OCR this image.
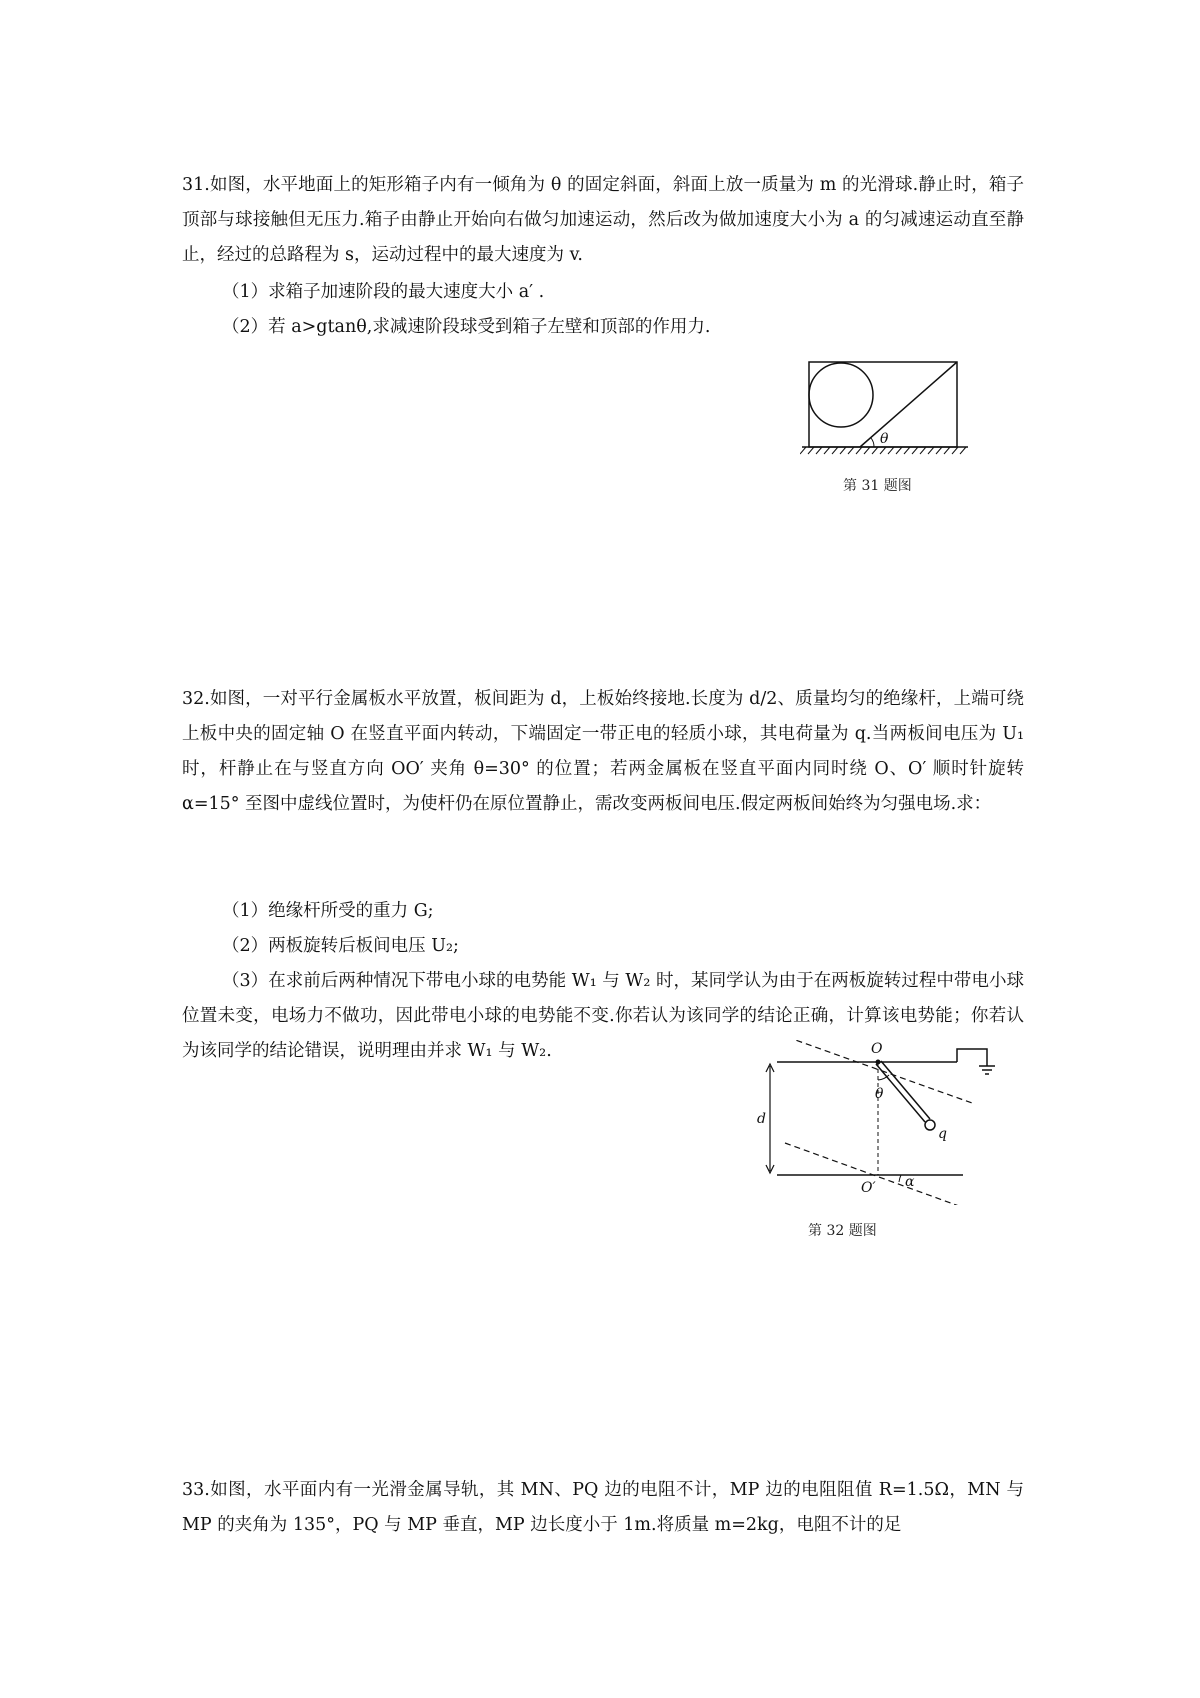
31.如图，水平地面上的矩形箱子内有一倾角为 θ 的固定斜面，斜面上放一质量为 m 的光滑球.静止时，箱子顶部与球接触但无压力.箱子由静止开始向右做匀加速运动，然后改为做加速度大小为 a 的匀减速运动直至静止，经过的总路程为 s，运动过程中的最大速度为 v.
（1）求箱子加速阶段的最大速度大小 a′ .
（2）若 a>gtanθ,求减速阶段球受到箱子左壁和顶部的作用力.
θ
第 31 题图
32.如图，一对平行金属板水平放置，板间距为 d，上板始终接地.长度为 d/2、质量均匀的绝缘杆，上端可绕上板中央的固定轴 O 在竖直平面内转动，下端固定一带正电的轻质小球，其电荷量为 q.当两板间电压为 U₁ 时，杆静止在与竖直方向 OO′ 夹角 θ=30° 的位置；若两金属板在竖直平面内同时绕 O、O′ 顺时针旋转 α=15° 至图中虚线位置时，为使杆仍在原位置静止，需改变两板间电压.假定两板间始终为匀强电场.求：
（1）绝缘杆所受的重力 G;
（2）两板旋转后板间电压 U₂;
（3）在求前后两种情况下带电小球的电势能 W₁ 与 W₂ 时，某同学认为由于在两板旋转过程中带电小球位置未变，电场力不做功，因此带电小球的电势能不变.你若认为该同学的结论正确，计算该电势能；你若认为该同学的结论错误，说明理由并求 W₁ 与 W₂.
d
θ
O
O′
q
α
第 32 题图
33.如图，水平面内有一光滑金属导轨，其 MN、PQ 边的电阻不计，MP 边的电阻阻值 R=1.5Ω，MN 与 MP 的夹角为 135°，PQ 与 MP 垂直，MP 边长度小于 1m.将质量 m=2kg，电阻不计的足
